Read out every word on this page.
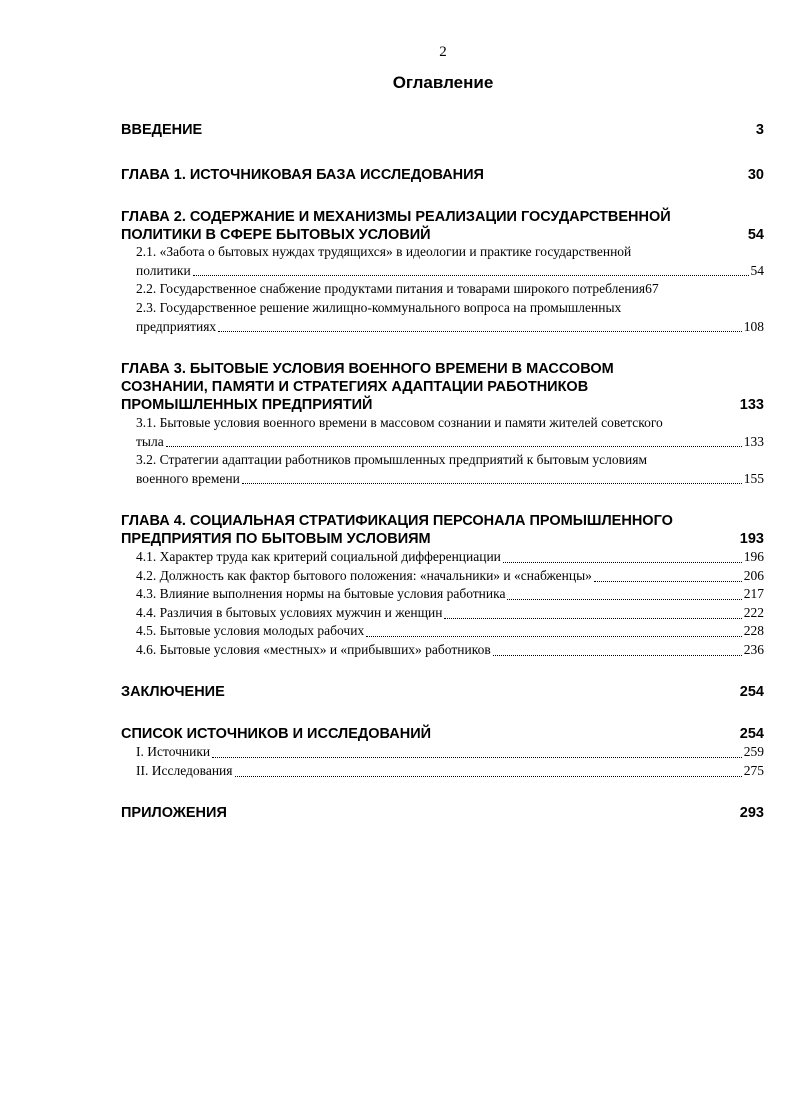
2
Оглавление
ВВЕДЕНИЕ	3
ГЛАВА 1. ИСТОЧНИКОВАЯ БАЗА ИССЛЕДОВАНИЯ	30
ГЛАВА 2. СОДЕРЖАНИЕ И МЕХАНИЗМЫ РЕАЛИЗАЦИИ ГОСУДАРСТВЕННОЙ
ПОЛИТИКИ В СФЕРЕ БЫТОВЫХ УСЛОВИЙ	54
2.1. «Забота о бытовых нуждах трудящихся» в идеологии и практике государственной
политики	54
2.2. Государственное снабжение продуктами питания и товарами широкого потребления 67
2.3. Государственное решение жилищно-коммунального вопроса на промышленных
предприятиях	108
ГЛАВА 3. БЫТОВЫЕ УСЛОВИЯ ВОЕННОГО ВРЕМЕНИ В МАССОВОМ
СОЗНАНИИ, ПАМЯТИ И СТРАТЕГИЯХ АДАПТАЦИИ РАБОТНИКОВ
ПРОМЫШЛЕННЫХ ПРЕДПРИЯТИЙ	133
3.1. Бытовые условия военного времени в массовом сознании и памяти жителей советского
тыла	133
3.2. Стратегии адаптации работников промышленных предприятий к бытовым условиям
военного времени	155
ГЛАВА 4. СОЦИАЛЬНАЯ СТРАТИФИКАЦИЯ ПЕРСОНАЛА ПРОМЫШЛЕННОГО
ПРЕДПРИЯТИЯ ПО БЫТОВЫМ УСЛОВИЯМ	193
4.1. Характер труда как критерий социальной дифференциации	196
4.2. Должность как фактор бытового положения: «начальники» и «снабженцы»	206
4.3. Влияние выполнения нормы на бытовые условия работника	217
4.4. Различия в бытовых условиях мужчин и женщин	222
4.5. Бытовые условия молодых рабочих	228
4.6. Бытовые условия «местных» и «прибывших» работников	236
ЗАКЛЮЧЕНИЕ	254
СПИСОК ИСТОЧНИКОВ И ИССЛЕДОВАНИЙ	254
I. Источники	259
II. Исследования	275
ПРИЛОЖЕНИЯ	293
